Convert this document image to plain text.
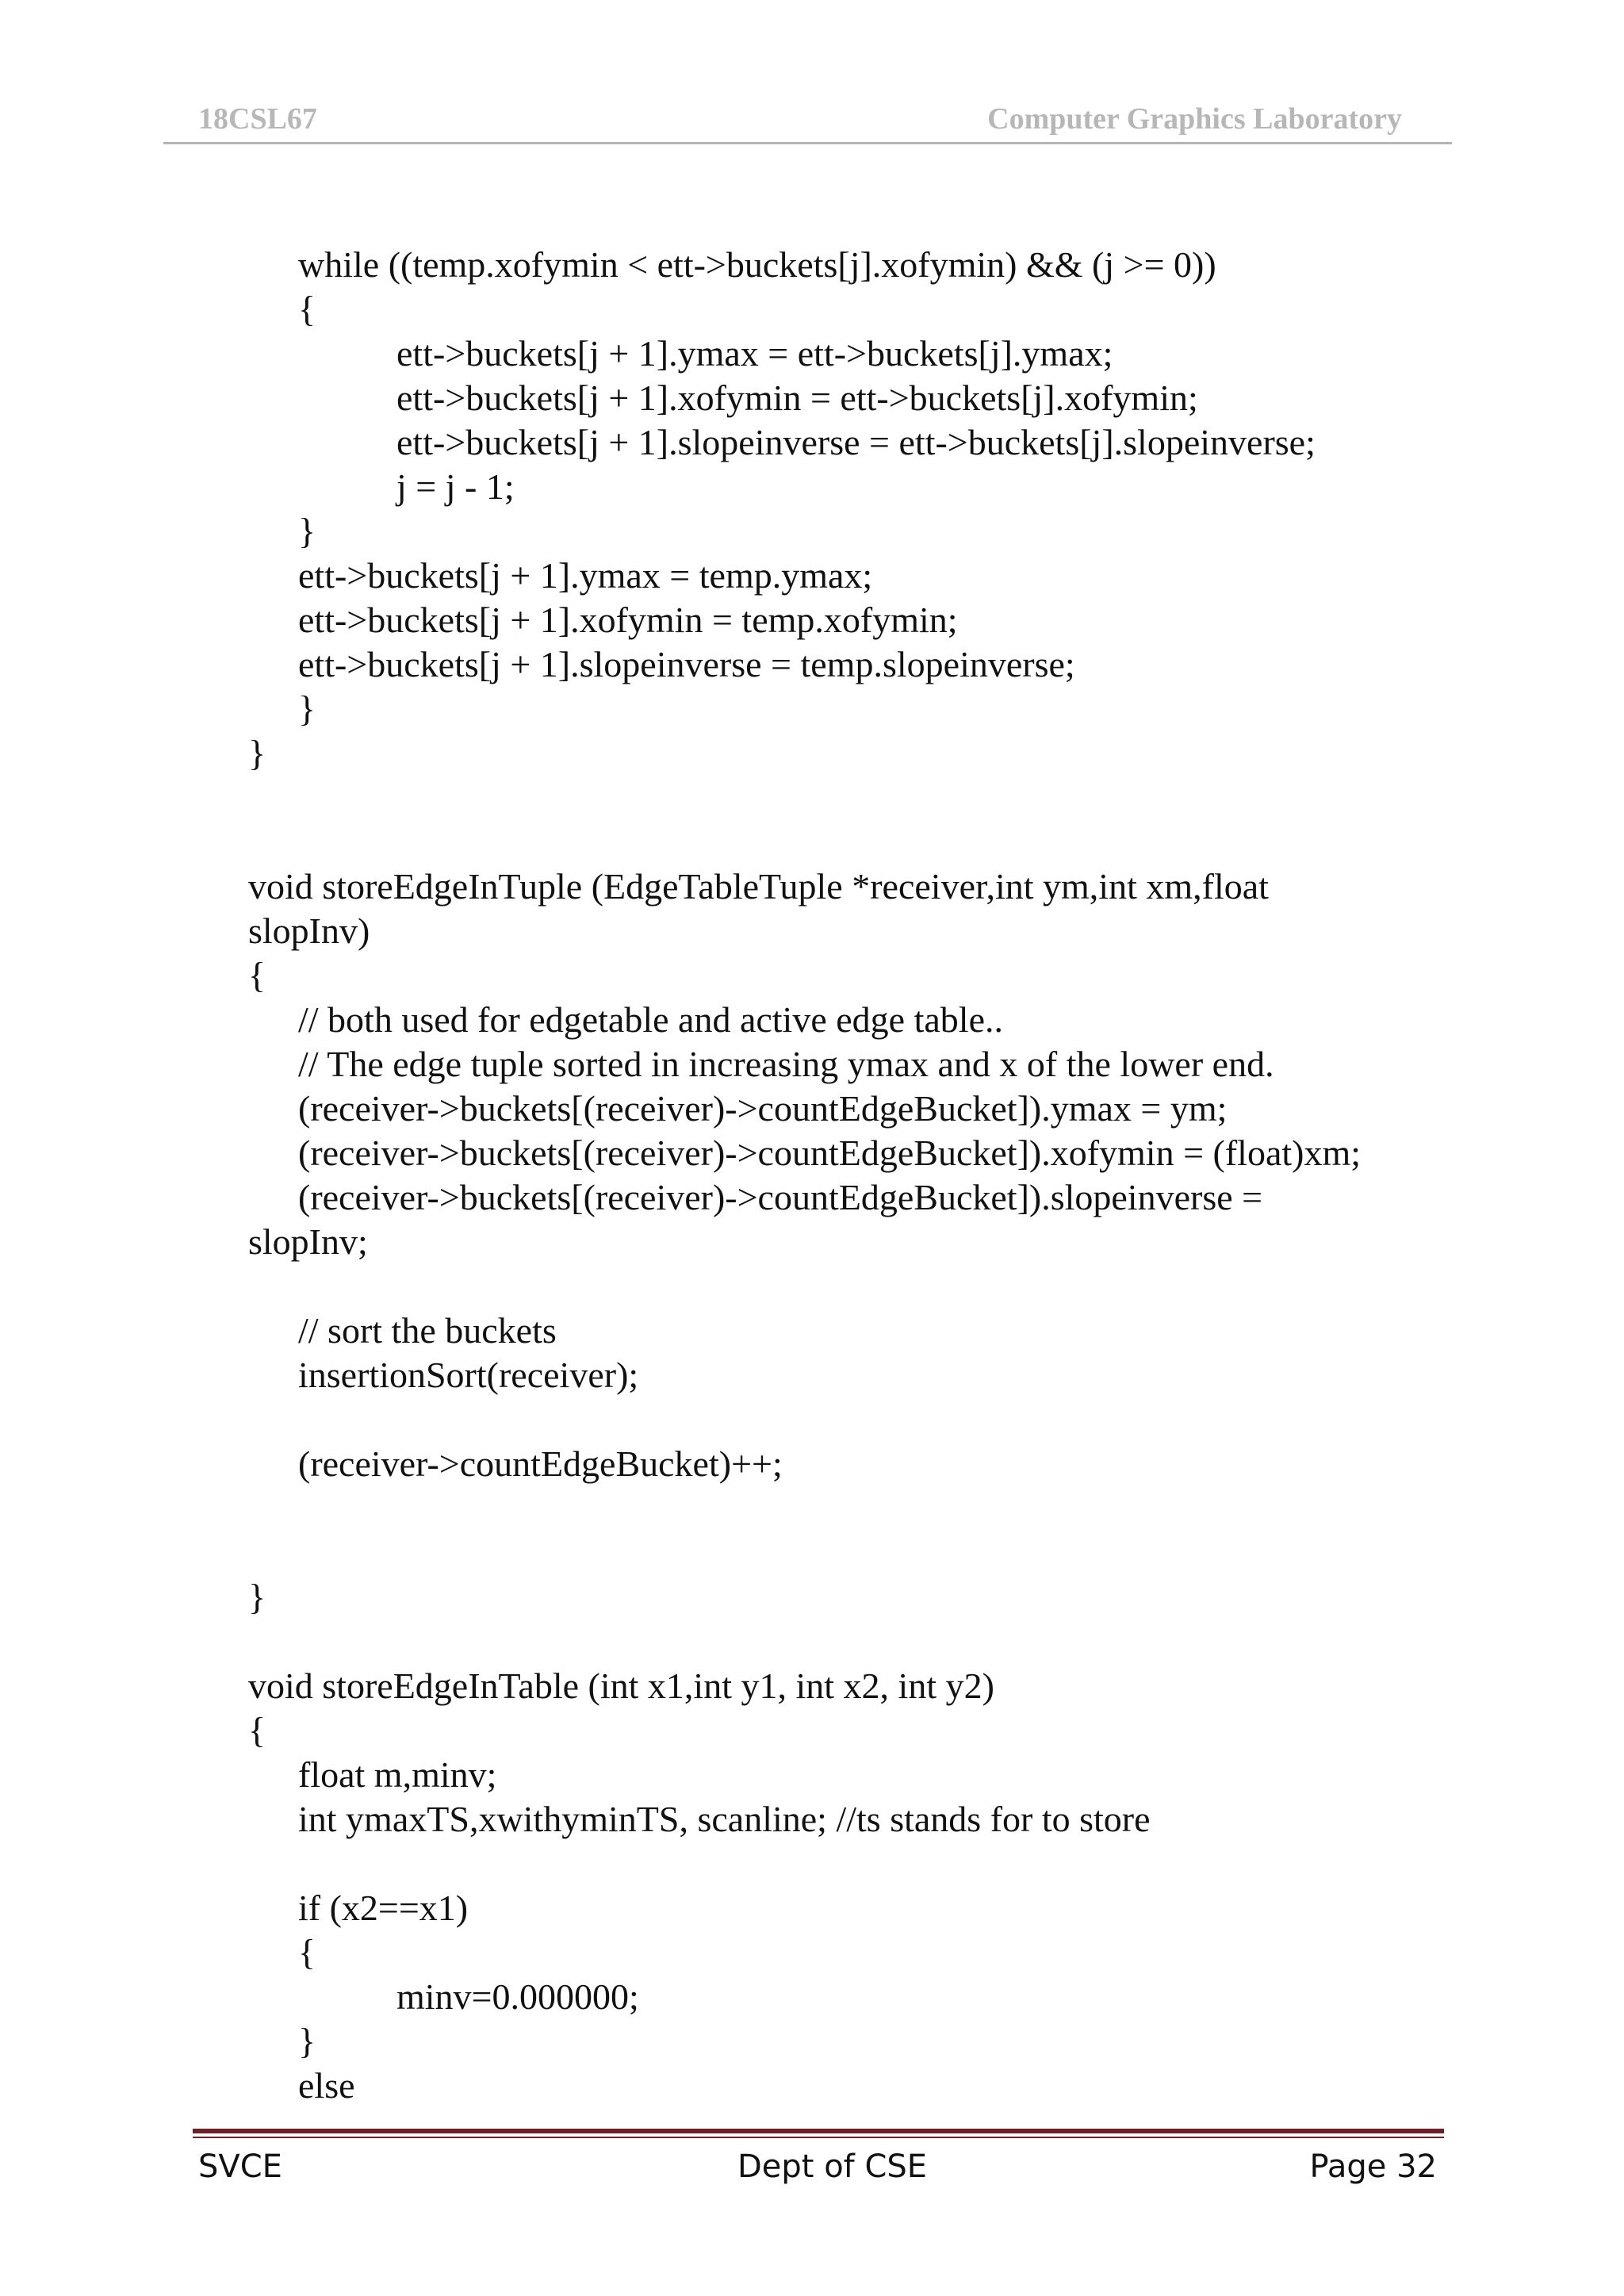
18CSL67	Computer Graphics Laboratory
while ((temp.xofymin < ett->buckets[j].xofymin) && (j >= 0))
{
ett->buckets[j + 1].ymax = ett->buckets[j].ymax;
ett->buckets[j + 1].xofymin = ett->buckets[j].xofymin;
ett->buckets[j + 1].slopeinverse = ett->buckets[j].slopeinverse;
j = j - 1;
}
ett->buckets[j + 1].ymax = temp.ymax;
ett->buckets[j + 1].xofymin = temp.xofymin;
ett->buckets[j + 1].slopeinverse = temp.slopeinverse;
}
}
void storeEdgeInTuple (EdgeTableTuple *receiver,int ym,int xm,float
slopInv)
{
// both used for edgetable and active edge table..
// The edge tuple sorted in increasing ymax and x of the lower end.
(receiver->buckets[(receiver)->countEdgeBucket]).ymax = ym;
(receiver->buckets[(receiver)->countEdgeBucket]).xofymin = (float)xm;
(receiver->buckets[(receiver)->countEdgeBucket]).slopeinverse =
slopInv;
// sort the buckets
insertionSort(receiver);
(receiver->countEdgeBucket)++;
}
void storeEdgeInTable (int x1,int y1, int x2, int y2)
{
float m,minv;
int ymaxTS,xwithyminTS, scanline; //ts stands for to store
if (x2==x1)
{
minv=0.000000;
}
else
SVCE	Dept of CSE	Page 32
